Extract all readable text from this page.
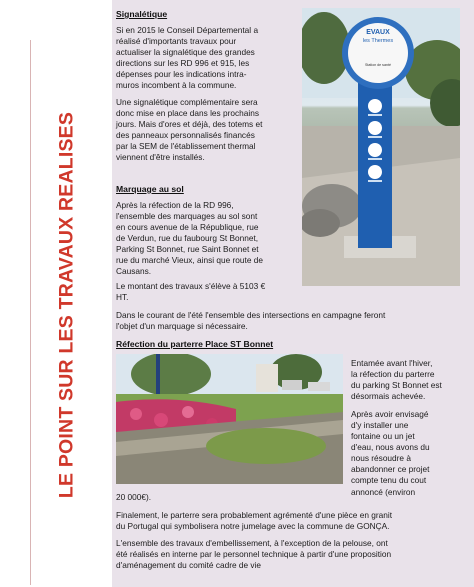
LE POINT SUR LES TRAVAUX REALISES
Signalétique
Si en 2015 le Conseil Départemental a
réalisé d'importants travaux pour
actualiser la signalétique des grandes
directions sur les RD 996 et 915, les
dépenses pour les indications intra-
muros incombent à la commune.
Une signalétique complémentaire sera
donc mise en place dans les prochains
jours. Mais d'ores et déjà, des totems et
des panneaux personnalisés financés
par la SEM de l'établissement thermal
viennent d'être installés.
EVAUX
les Thermes
Station de santé
Marquage au sol
Après la réfection de la RD 996,
l'ensemble des marquages au sol sont
en cours avenue de la République, rue
de Verdun, rue du faubourg St Bonnet,
Parking St Bonnet, rue Saint Bonnet et
rue du marché Vieux, ainsi que route de
Causans.
Le montant des travaux s'élève à 5103 €
HT.
Dans le courant de l'été l'ensemble des intersections en campagne feront
l'objet d'un marquage si nécessaire.
Réfection du parterre Place ST Bonnet
Entamée avant l'hiver,
la réfection du parterre
du parking St Bonnet est
désormais achevée.
Après avoir envisagé
d'y installer une
fontaine ou un jet
d'eau, nous avons du
nous résoudre à
abandonner ce projet
compte tenu du cout
annoncé (environ
20 000€).
Finalement, le parterre sera probablement agrémenté d'une pièce en granit
du Portugal qui symbolisera notre jumelage avec la commune de GONÇA.
L'ensemble des travaux d'embellissement, à l'exception de la pelouse, ont
été réalisés en interne par le personnel technique à partir d'une proposition
d'aménagement du comité cadre de vie
